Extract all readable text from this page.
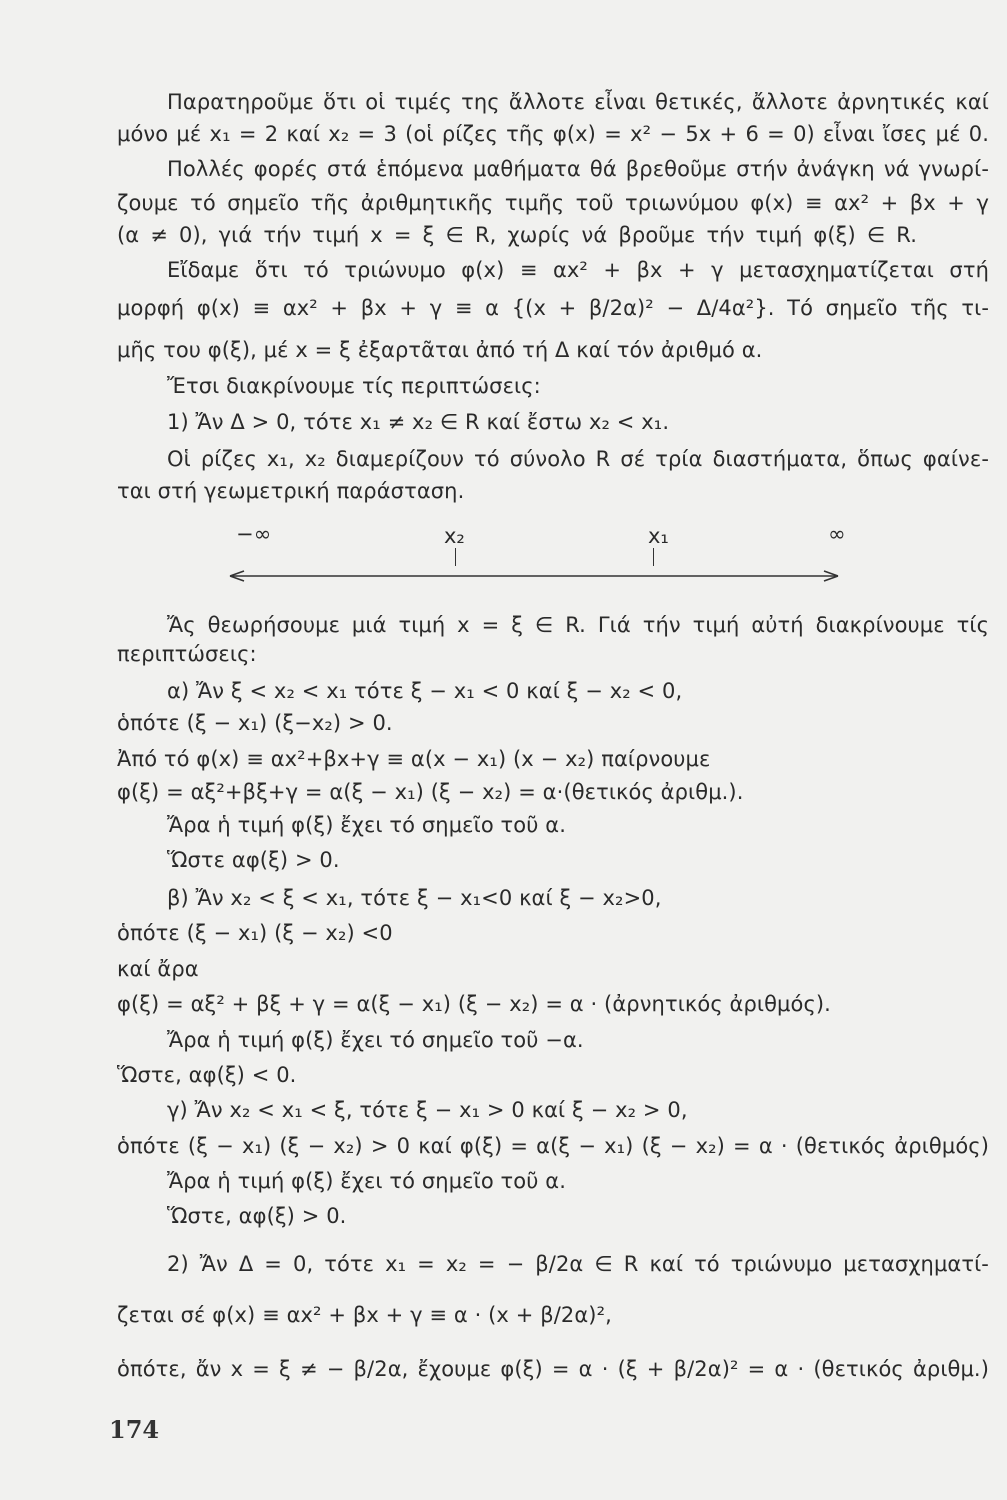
Παρατηροῦμε ὅτι οἱ τιμές της ἄλλοτε εἶναι θετικές, ἄλλοτε ἀρνητικές καί
μόνο μέ x₁ = 2 καί x₂ = 3 (οἱ ρίζες τῆς φ(x) = x² − 5x + 6 = 0) εἶναι ἴσες μέ 0.
Πολλές φορές στά ἑπόμενα μαθήματα θά βρεθοῦμε στήν ἀνάγκη νά γνωρί-
ζουμε τό σημεῖο τῆς ἀριθμητικῆς τιμῆς τοῦ τριωνύμου φ(x) ≡ αx² + βx + γ
(α ≠ 0), γιά τήν τιμή x = ξ ∈ R, χωρίς νά βροῦμε τήν τιμή φ(ξ) ∈ R.
Εἴδαμε ὅτι τό τριώνυμο φ(x) ≡ αx² + βx + γ μετασχηματίζεται στή
μορφή φ(x) ≡ αx² + βx + γ ≡ α {(x + β/2α)² − Δ/4α²}. Τό σημεῖο τῆς τι-
μῆς του φ(ξ), μέ x = ξ ἐξαρτᾶται ἀπό τή Δ καί τόν ἀριθμό α.
Ἔτσι διακρίνουμε τίς περιπτώσεις:
1) Ἄν Δ > 0, τότε x₁ ≠ x₂ ∈ R καί ἔστω x₂ < x₁.
Οἱ ρίζες x₁, x₂ διαμερίζουν τό σύνολο R σέ τρία διαστήματα, ὅπως φαίνε-
ται στή γεωμετρική παράσταση.
Ἄς θεωρήσουμε μιά τιμή x = ξ ∈ R. Γιά τήν τιμή αὐτή διακρίνουμε τίς
περιπτώσεις:
α) Ἄν ξ < x₂ < x₁ τότε ξ − x₁ < 0 καί ξ − x₂ < 0,
ὁπότε (ξ − x₁) (ξ−x₂) > 0.
Ἀπό τό φ(x) ≡ αx²+βx+γ ≡ α(x − x₁) (x − x₂) παίρνουμε
φ(ξ) = αξ²+βξ+γ = α(ξ − x₁) (ξ − x₂) = α·(θετικός ἀριθμ.).
Ἄρα ἡ τιμή φ(ξ) ἔχει τό σημεῖο τοῦ α.
Ὥστε αφ(ξ) > 0.
β) Ἄν x₂ < ξ < x₁, τότε ξ − x₁<0 καί ξ − x₂>0,
ὁπότε (ξ − x₁) (ξ − x₂) <0
καί ἄρα
φ(ξ) = αξ² + βξ + γ = α(ξ − x₁) (ξ − x₂) = α · (ἀρνητικός ἀριθμός).
Ἄρα ἡ τιμή φ(ξ) ἔχει τό σημεῖο τοῦ −α.
Ὥστε, αφ(ξ) < 0.
γ) Ἄν x₂ < x₁ < ξ, τότε ξ − x₁ > 0 καί ξ − x₂ > 0,
ὁπότε (ξ − x₁) (ξ − x₂) > 0 καί φ(ξ) = α(ξ − x₁) (ξ − x₂) = α · (θετικός ἀριθμός)
Ἄρα ἡ τιμή φ(ξ) ἔχει τό σημεῖο τοῦ α.
Ὥστε, αφ(ξ) > 0.
2) Ἄν Δ = 0, τότε x₁ = x₂ = − β/2α ∈ R καί τό τριώνυμο μετασχηματί-
ζεται σέ φ(x) ≡ αx² + βx + γ ≡ α · (x + β/2α)²,
ὁπότε, ἄν x = ξ ≠ − β/2α, ἔχουμε φ(ξ) = α · (ξ + β/2α)² = α · (θετικός ἀριθμ.)
−∞	x₂	x₁	∞
174
